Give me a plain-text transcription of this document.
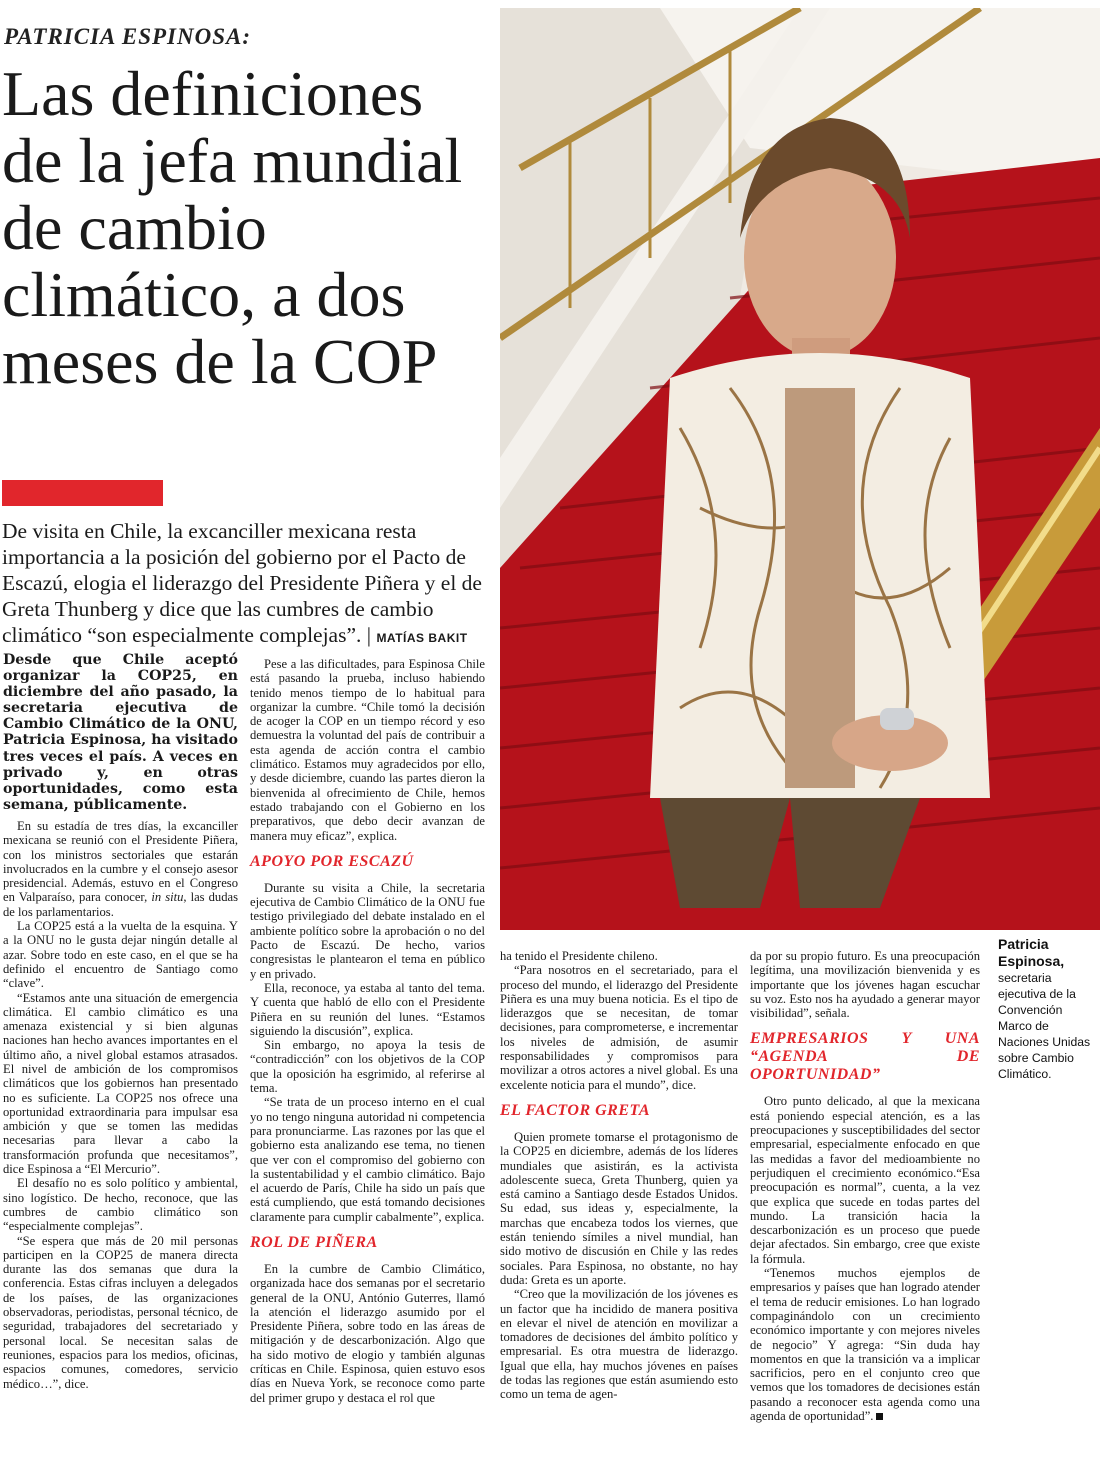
PATRICIA ESPINOSA:
Las definiciones de la jefa mundial de cambio climático, a dos meses de la COP
De visita en Chile, la excanciller mexicana resta importancia a la posición del gobierno por el Pacto de Escazú, elogia el liderazgo del Presidente Piñera y el de Greta Thunberg y dice que las cumbres de cambio climático “son especialmente complejas”. | MATÍAS BAKIT
Patricia Espinosa, secretaria ejecutiva de la Convención Marco de Naciones Unidas sobre Cambio Climático.

Desde que Chile aceptó organizar la COP25, en diciembre del año pasado, la secretaria ejecutiva de Cambio Climático de la ONU, Patricia Espinosa, ha visitado tres veces el país. A veces en privado y, en otras oportunidades, como esta semana, públicamente.

En su estadía de tres días, la excanciller mexicana se reunió con el Presidente Piñera, con los ministros sectoriales que estarán involucrados en la cumbre y el consejo asesor presidencial. Además, estuvo en el Congreso en Valparaíso, para conocer, in situ, las dudas de los parlamentarios.

La COP25 está a la vuelta de la esquina. Y a la ONU no le gusta dejar ningún detalle al azar. Sobre todo en este caso, en el que se ha definido el encuentro de Santiago como “clave”.

“Estamos ante una situación de emergencia climática. El cambio climático es una amenaza existencial y si bien algunas naciones han hecho avances importantes en el último año, a nivel global estamos atrasados. El nivel de ambición de los compromisos climáticos que los gobiernos han presentado no es suficiente. La COP25 nos ofrece una oportunidad extraordinaria para impulsar esa ambición y que se tomen las medidas necesarias para llevar a cabo la transformación profunda que necesitamos”, dice Espinosa a “El Mercurio”.

El desafío no es solo político y ambiental, sino logístico. De hecho, reconoce, que las cumbres de cambio climático son “especialmente complejas”.

“Se espera que más de 20 mil personas participen en la COP25 de manera directa durante las dos semanas que dura la conferencia. Estas cifras incluyen a delegados de los países, de las organizaciones observadoras, periodistas, personal técnico, de seguridad, trabajadores del secretariado y personal local. Se necesitan salas de reuniones, espacios para los medios, oficinas, espacios comunes, comedores, servicio médico…”, dice.

Pese a las dificultades, para Espinosa Chile está pasando la prueba, incluso habiendo tenido menos tiempo de lo habitual para organizar la cumbre. “Chile tomó la decisión de acoger la COP en un tiempo récord y eso demuestra la voluntad del país de contribuir a esta agenda de acción contra el cambio climático. Estamos muy agradecidos por ello, y desde diciembre, cuando las partes dieron la bienvenida al ofrecimiento de Chile, hemos estado trabajando con el Gobierno en los preparativos, que debo decir avanzan de manera muy eficaz”, explica.

APOYO POR ESCAZÚ

Durante su visita a Chile, la secretaria ejecutiva de Cambio Climático de la ONU fue testigo privilegiado del debate instalado en el ambiente político sobre la aprobación o no del Pacto de Escazú. De hecho, varios congresistas le plantearon el tema en público y en privado.

Ella, reconoce, ya estaba al tanto del tema. Y cuenta que habló de ello con el Presidente Piñera en su reunión del lunes. “Estamos siguiendo la discusión”, explica.

Sin embargo, no apoya la tesis de “contradicción” con los objetivos de la COP que la oposición ha esgrimido, al referirse al tema.

“Se trata de un proceso interno en el cual yo no tengo ninguna autoridad ni competencia para pronunciarme. Las razones por las que el gobierno esta analizando ese tema, no tienen que ver con el compromiso del gobierno con la sustentabilidad y el cambio climático. Bajo el acuerdo de París, Chile ha sido un país que está cumpliendo, que está tomando decisiones claramente para cumplir cabalmente”, explica.

ROL DE PIÑERA

En la cumbre de Cambio Climático, organizada hace dos semanas por el secretario general de la ONU, António Guterres, llamó la atención el liderazgo asumido por el Presidente Piñera, sobre todo en las áreas de mitigación y de descarbonización. Algo que ha sido motivo de elogio y también algunas críticas en Chile. Espinosa, quien estuvo esos días en Nueva York, se reconoce como parte del primer grupo y destaca el rol que

ha tenido el Presidente chileno.

“Para nosotros en el secretariado, para el proceso del mundo, el liderazgo del Presidente Piñera es una muy buena noticia. Es el tipo de liderazgos que se necesitan, de tomar decisiones, para comprometerse, e incrementar los niveles de admisión, de asumir responsabilidades y compromisos para movilizar a otros actores a nivel global. Es una excelente noticia para el mundo”, dice.

EL FACTOR GRETA

Quien promete tomarse el protagonismo de la COP25 en diciembre, además de los líderes mundiales que asistirán, es la activista adolescente sueca, Greta Thunberg, quien ya está camino a Santiago desde Estados Unidos. Su edad, sus ideas y, especialmente, la marchas que encabeza todos los viernes, que están teniendo símiles a nivel mundial, han sido motivo de discusión en Chile y las redes sociales. Para Espinosa, no obstante, no hay duda: Greta es un aporte.

“Creo que la movilización de los jóvenes es un factor que ha incidido de manera positiva en elevar el nivel de atención en movilizar a tomadores de decisiones del ámbito político y empresarial. Es otra muestra de liderazgo. Igual que ella, hay muchos jóvenes en países de todas las regiones que están asumiendo esto como un tema de agen-

da por su propio futuro. Es una preocupación legítima, una movilización bienvenida y es importante que los jóvenes hagan escuchar su voz. Esto nos ha ayudado a generar mayor visibilidad”, señala.

EMPRESARIOS Y UNA “AGENDA DE OPORTUNIDAD”

Otro punto delicado, al que la mexicana está poniendo especial atención, es a las preocupaciones y susceptibilidades del sector empresarial, especialmente enfocado en que las medidas a favor del medioambiente no perjudiquen el crecimiento económico.“Esa preocupación es normal”, cuenta, a la vez que explica que sucede en todas partes del mundo. La transición hacia la descarbonización es un proceso que puede dejar afectados. Sin embargo, cree que existe la fórmula.

“Tenemos muchos ejemplos de empresarios y países que han logrado atender el tema de reducir emisiones. Lo han logrado compaginándolo con un crecimiento económico importante y con mejores niveles de negocio” Y agrega: “Sin duda hay momentos en que la transición va a implicar sacrificios, pero en el conjunto creo que vemos que los tomadores de decisiones están pasando a reconocer esta agenda como una agenda de oportunidad”.
